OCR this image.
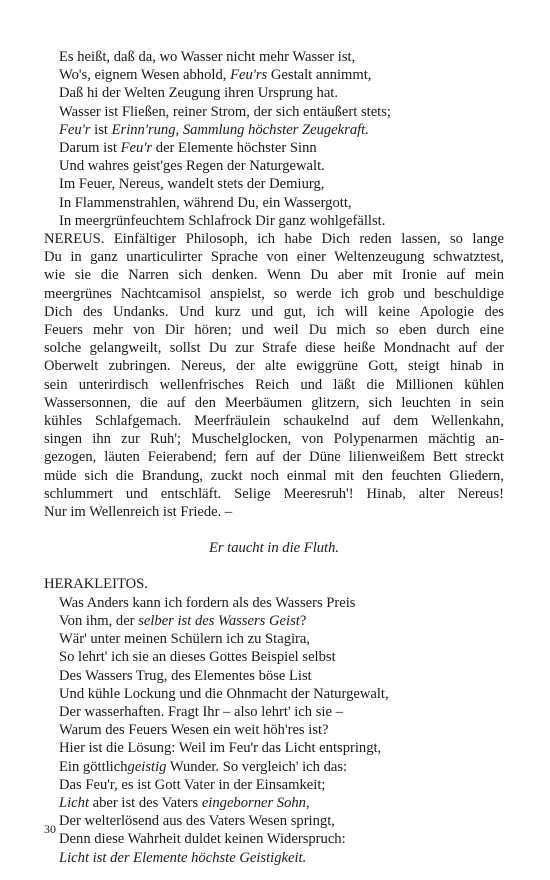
Es heißt, daß da, wo Wasser nicht mehr Wasser ist,
Wo's, eignem Wesen abhold, Feu'rs Gestalt annimmt,
Daß hi der Welten Zeugung ihren Ursprung hat.
Wasser ist Fließen, reiner Strom, der sich entäußert stets;
Feu'r ist Erinn'rung, Sammlung höchster Zeugekraft.
Darum ist Feu'r der Elemente höchster Sinn
Und wahres geist'ges Regen der Naturgewalt.
Im Feuer, Nereus, wandelt stets der Demiurg,
In Flammenstrahlen, während Du, ein Wassergott,
In meergrünfeuchtem Schlafrock Dir ganz wohlgefällst.
NEREUS. Einfältiger Philosoph, ich habe Dich reden lassen, so lange
Du in ganz unarticulirter Sprache von einer Weltenzeugung schwatztest,
wie sie die Narren sich denken. Wenn Du aber mit Ironie auf mein
meergrünes Nachtcamisol anspielst, so werde ich grob und beschuldige
Dich des Undanks. Und kurz und gut, ich will keine Apologie des
Feuers mehr von Dir hören; und weil Du mich so eben durch eine
solche gelangweilt, sollst Du zur Strafe diese heiße Mondnacht auf der
Oberwelt zubringen. Nereus, der alte ewiggrüne Gott, steigt hinab in
sein unterirdisch wellenfrisches Reich und läßt die Millionen kühlen
Wassersonnen, die auf den Meerbäumen glitzern, sich leuchten in sein
kühles Schlafgemach. Meerfräulein schaukelnd auf dem Wellenkahn,
singen ihn zur Ruh'; Muschelglocken, von Polypenarmen mächtig an-
gezogen, läuten Feierabend; fern auf der Düne lilienweißem Bett streckt
müde sich die Brandung, zuckt noch einmal mit den feuchten Gliedern,
schlummert und entschläft. Selige Meeresruh'! Hinab, alter Nereus!
Nur im Wellenreich ist Friede. –
Er taucht in die Fluth.
HERAKLEITOS.
Was Anders kann ich fordern als des Wassers Preis
Von ihm, der selber ist des Wassers Geist?
Wär' unter meinen Schülern ich zu Stagira,
So lehrt' ich sie an dieses Gottes Beispiel selbst
Des Wassers Trug, des Elementes böse List
Und kühle Lockung und die Ohnmacht der Naturgewalt,
Der wasserhaften. Fragt Ihr – also lehrt' ich sie –
Warum des Feuers Wesen ein weit höh'res ist?
Hier ist die Lösung: Weil im Feu'r das Licht entspringt,
Ein göttlichgeistig Wunder. So vergleich' ich das:
Das Feu'r, es ist Gott Vater in der Einsamkeit;
Licht aber ist des Vaters eingeborner Sohn,
Der welterlösend aus des Vaters Wesen springt,
Denn diese Wahrheit duldet keinen Widerspruch:
Licht ist der Elemente höchste Geistigkeit.
30
